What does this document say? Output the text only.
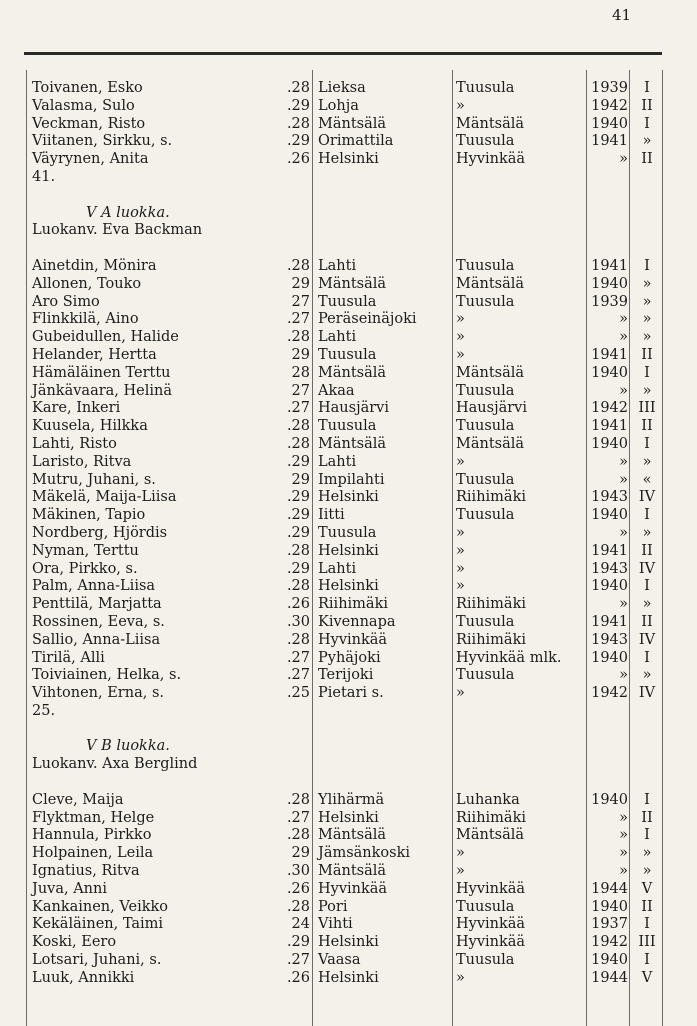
41
Toivanen, Esko	.28 Lieksa	Tuusula	1939	I
Valasma, Sulo	.29 Lohja	»	1942 II
Veckman, Risto	.28 Mäntsälä	Mäntsälä	1940	I
Viitanen, Sirkku, s.	.29 Orimattila	Tuusula	1941	»
Väyrynen, Anita	.26 Helsinki	Hyvinkää	» II
41.
V A luokka.
Luokanv. Eva Backman
Ainetdin, Mönira	.28 Lahti	Tuusula	1941	I
Allonen, Touko	29 Mäntsälä	Mäntsälä	1940	»
Aro Simo	27 Tuusula	Tuusula	1939	»
Flinkkilä, Aino	.27 Peräseinäjoki	»	»	»
Gubeidullen, Halide	.28 Lahti	»	»	»
Helander, Hertta	29 Tuusula	»	1941 II
Hämäläinen Terttu	28 Mäntsälä	Mäntsälä	1940	I
Jänkävaara, Helinä	27 Akaa	Tuusula	»	»
Kare, Inkeri	.27 Hausjärvi	Hausjärvi	1942 III
Kuusela, Hilkka	.28 Tuusula	Tuusula	1941 II
Lahti, Risto	.28 Mäntsälä	Mäntsälä	1940	I
Laristo, Ritva	.29 Lahti	»	»	»
Mutru, Juhani, s.	29 Impilahti	Tuusula	»	«
Mäkelä, Maija-Liisa	.29 Helsinki	Riihimäki	1943 IV
Mäkinen, Tapio	.29 Iitti	Tuusula	1940	I
Nordberg, Hjördis	.29 Tuusula	»	»	»
Nyman, Terttu	.28 Helsinki	»	1941 II
Ora, Pirkko, s.	.29 Lahti	»	1943 IV
Palm, Anna-Liisa	.28 Helsinki	»	1940	I
Penttilä, Marjatta	.26 Riihimäki	Riihimäki	»	»
Rossinen, Eeva, s.	.30 Kivennapa	Tuusula	1941 II
Sallio, Anna-Liisa	.28 Hyvinkää	Riihimäki	1943 IV
Tirilä, Alli	.27 Pyhäjoki	Hyvinkää mlk.	1940	I
Toiviainen, Helka, s.	.27 Terijoki	Tuusula	»	»
Vihtonen, Erna, s.	.25 Pietari s.	»	1942 IV
25.
V B luokka.
Luokanv. Axa Berglind
Cleve, Maija	.28 Ylihärmä	Luhanka	1940	I
Flyktman, Helge	.27 Helsinki	Riihimäki	» II
Hannula, Pirkko	.28 Mäntsälä	Mäntsälä	»	I
Holpainen, Leila	29 Jämsänkoski	»	»	»
Ignatius, Ritva	.30 Mäntsälä	»	»	»
Juva, Anni	.26 Hyvinkää	Hyvinkää	1944 V
Kankainen, Veikko	.28 Pori	Tuusula	1940 II
Kekäläinen, Taimi	24 Vihti	Hyvinkää	1937	I
Koski, Eero	.29 Helsinki	Hyvinkää	1942 III
Lotsari, Juhani, s.	.27 Vaasa	Tuusula	1940	I
Luuk, Annikki	.26 Helsinki	»	1944 V
